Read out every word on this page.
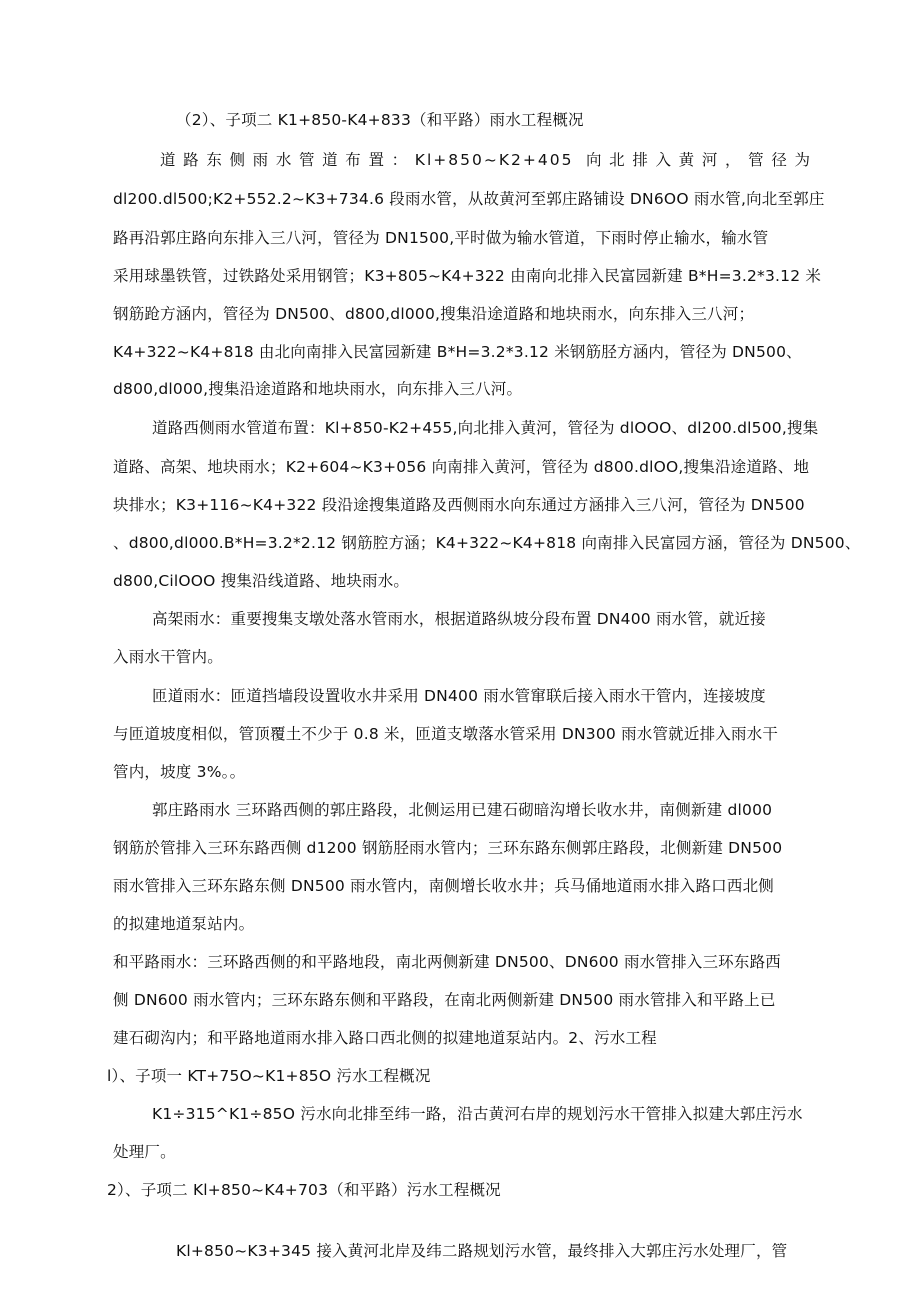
（2）、子项二 K1+850-K4+833（和平路）雨水工程概况
道路东侧雨水管道布置：Kl+850~K2+405 向北排入黄河，管径为
dl200.dl500;K2+552.2~K3+734.6 段雨水管，从故黄河至郭庄路铺设 DN6OO 雨水管,向北至郭庄
路再沿郭庄路向东排入三八河，管径为 DN1500,平时做为输水管道，下雨时停止输水，输水管
采用球墨铁管，过铁路处采用钢管；K3+805~K4+322 由南向北排入民富园新建 B*H=3.2*3.12 米
钢筋跄方涵内，管径为 DN500、d800,dl000,搜集沿途道路和地块雨水，向东排入三八河；
K4+322~K4+818 由北向南排入民富园新建 B*H=3.2*3.12 米钢筋胫方涵内，管径为 DN500、
d800,dl000,搜集沿途道路和地块雨水，向东排入三八河。
道路西侧雨水管道布置：Kl+850-K2+455,向北排入黄河，管径为 dlOOO、dl200.dl500,搜集
道路、高架、地块雨水；K2+604~K3+056 向南排入黄河，管径为 d800.dlOO,搜集沿途道路、地
块排水；K3+116~K4+322 段沿途搜集道路及西侧雨水向东通过方涵排入三八河，管径为 DN500
、d800,dl000.B*H=3.2*2.12 钢筋腔方涵；K4+322~K4+818 向南排入民富园方涵，管径为 DN500、
d800,CilOOO 搜集沿线道路、地块雨水。
高架雨水：重要搜集支墩处落水管雨水，根据道路纵坡分段布置 DN400 雨水管，就近接
入雨水干管内。
匝道雨水：匝道挡墙段设置收水井采用 DN400 雨水管窜联后接入雨水干管内，连接坡度
与匝道坡度相似，管顶覆土不少于 0.8 米，匝道支墩落水管采用 DN300 雨水管就近排入雨水干
管内，坡度 3%。。
郭庄路雨水 三环路西侧的郭庄路段，北侧运用已建石砌暗沟增长收水井，南侧新建 dl000
钢筋於管排入三环东路西侧 d1200 钢筋胫雨水管内；三环东路东侧郭庄路段，北侧新建 DN500
雨水管排入三环东路东侧 DN500 雨水管内，南侧增长收水井；兵马俑地道雨水排入路口西北侧
的拟建地道泵站内。
和平路雨水：三环路西侧的和平路地段，南北两侧新建 DN500、DN600 雨水管排入三环东路西
侧 DN600 雨水管内；三环东路东侧和平路段，在南北两侧新建 DN500 雨水管排入和平路上已
建石砌沟内；和平路地道雨水排入路口西北侧的拟建地道泵站内。2、污水工程
l）、子项一 KT+75O~K1+85O 污水工程概况
K1÷315^K1÷85O 污水向北排至纬一路，沿古黄河右岸的规划污水干管排入拟建大郭庄污水
处理厂。
2）、子项二 Kl+850~K4+703（和平路）污水工程概况
Kl+850~K3+345 接入黄河北岸及纬二路规划污水管，最终排入大郭庄污水处理厂，管
